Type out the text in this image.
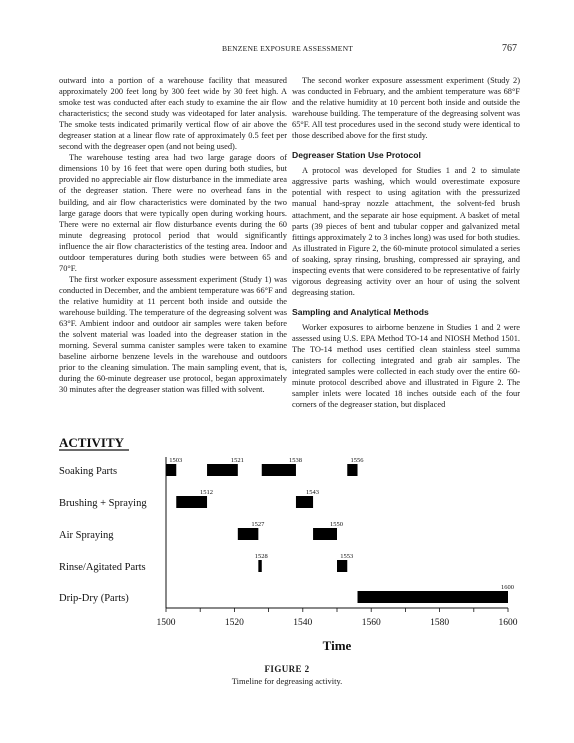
BENZENE EXPOSURE ASSESSMENT	767

outward into a portion of a warehouse facility that measured approximately 200 feet long by 300 feet wide by 30 feet high. A smoke test was conducted after each study to examine the air flow characteristics; the second study was videotaped for later analysis. The smoke tests indicated primarily vertical flow of air above the degreaser station at a linear flow rate of approximately 0.5 feet per second with the degreaser open (and not being used).

The warehouse testing area had two large garage doors of dimensions 10 by 16 feet that were open during both studies, but provided no appreciable air flow disturbance in the immediate area of the degreaser station. There were no overhead fans in the building, and air flow characteristics were dominated by the two large garage doors that were typically open during working hours. There were no external air flow disturbance events during the 60 minute degreasing protocol period that would significantly influence the air flow characteristics of the testing area. Indoor and outdoor temperatures during both studies were between 65 and 70°F.

The first worker exposure assessment experiment (Study 1) was conducted in December, and the ambient temperature was 66°F and the relative humidity at 11 percent both inside and outside the warehouse building. The temperature of the degreasing solvent was 63°F. Ambient indoor and outdoor air samples were taken before the solvent material was loaded into the degreaser station in the morning. Several summa canister samples were taken to examine baseline airborne benzene levels in the warehouse and outdoors prior to the cleaning simulation. The main sampling event, that is, during the 60-minute degreaser use protocol, began approximately 30 minutes after the degreaser station was filled with solvent.

The second worker exposure assessment experiment (Study 2) was conducted in February, and the ambient temperature was 68°F and the relative humidity at 10 percent both inside and outside the warehouse building. The temperature of the degreasing solvent was 65°F. All test procedures used in the second study were identical to those described above for the first study.

Degreaser Station Use Protocol

A protocol was developed for Studies 1 and 2 to simulate aggressive parts washing, which would overestimate exposure potential with respect to using agitation with the pressurized manual hand-spray nozzle attachment, the solvent-fed brush attachment, and the separate air hose equipment. A basket of metal parts (39 pieces of bent and tubular copper and galvanized metal fittings approximately 2 to 3 inches long) was used for both studies. As illustrated in Figure 2, the 60-minute protocol simulated a series of soaking, spray rinsing, brushing, compressed air spraying, and inspecting events that were considered to be representative of fairly vigorous degreasing activity over an hour of using the solvent degreasing station.

Sampling and Analytical Methods

Worker exposures to airborne benzene in Studies 1 and 2 were assessed using U.S. EPA Method TO-14 and NIOSH Method 1501. The TO-14 method uses certified clean stainless steel summa canisters for collecting integrated and grab air samples. The integrated samples were collected in each study over the entire 60-minute protocol described above and illustrated in Figure 2. The sampler inlets were located 18 inches outside each of the four corners of the degreaser station, but displaced

ACTIVITY
1500	1520	1540	1560	1580	1600
Time
Soaking Parts
Brushing + Spraying
Air Spraying
Rinse/Agitated Parts
Drip-Dry (Parts)
1503	1521	1538	1556
1512	1543
1527	1550
1528	1553
1600
FIGURE 2
Timeline for degreasing activity.
